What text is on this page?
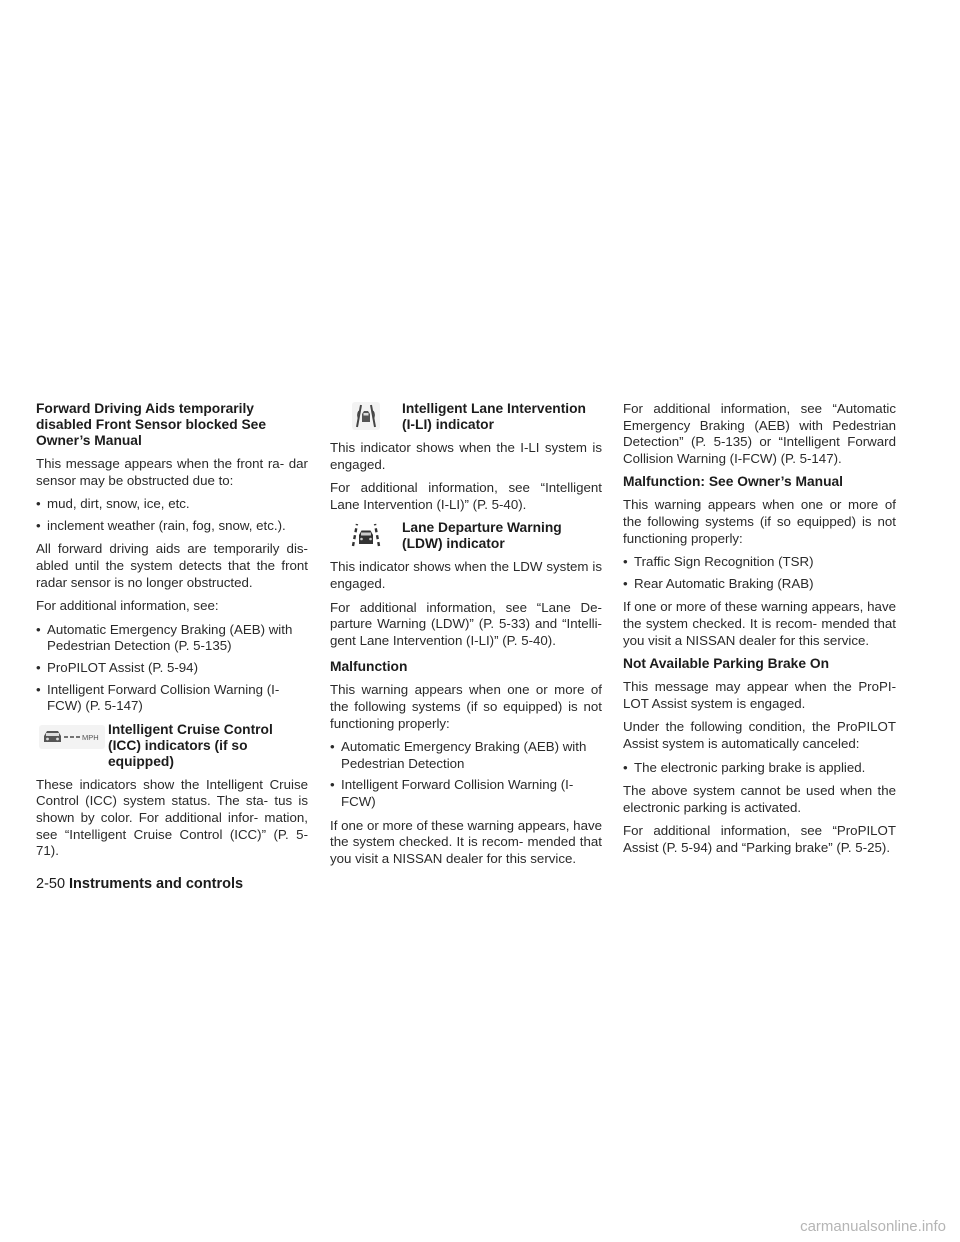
Forward Driving Aids temporarily disabled Front Sensor blocked See Owner’s Manual

This message appears when the front ra- dar sensor may be obstructed due to:

• mud, dirt, snow, ice, etc.
• inclement weather (rain, fog, snow, etc.).

All forward driving aids are temporarily dis- abled until the system detects that the front radar sensor is no longer obstructed.

For additional information, see:

• Automatic Emergency Braking (AEB) with Pedestrian Detection (P. 5-135)
• ProPILOT Assist (P. 5-94)
• Intelligent Forward Collision Warning (I- FCW) (P. 5-147)
MPH
Intelligent Cruise Control (ICC) indicators (if so equipped)

These indicators show the Intelligent Cruise Control (ICC) system status. The sta- tus is shown by color. For additional infor- mation, see “Intelligent Cruise Control (ICC)” (P. 5-71).

Intelligent Lane Intervention (I-LI) indicator

This indicator shows when the I-LI system is engaged.

For additional information, see “Intelligent Lane Intervention (I-LI)” (P. 5-40).

Lane Departure Warning (LDW) indicator

This indicator shows when the LDW system is engaged.

For additional information, see “Lane De- parture Warning (LDW)” (P. 5-33) and “Intelli- gent Lane Intervention (I-LI)” (P. 5-40).

Malfunction

This warning appears when one or more of the following systems (if so equipped) is not functioning properly:

• Automatic Emergency Braking (AEB) with Pedestrian Detection
• Intelligent Forward Collision Warning (I-FCW)

If one or more of these warning appears, have the system checked. It is recom- mended that you visit a NISSAN dealer for this service.

For additional information, see “Automatic Emergency Braking (AEB) with Pedestrian Detection” (P. 5-135) or “Intelligent Forward Collision Warning (I-FCW) (P. 5-147).

Malfunction: See Owner’s Manual

This warning appears when one or more of the following systems (if so equipped) is not functioning properly:

• Traffic Sign Recognition (TSR)
• Rear Automatic Braking (RAB)

If one or more of these warning appears, have the system checked. It is recom- mended that you visit a NISSAN dealer for this service.

Not Available Parking Brake On

This message may appear when the ProPI- LOT Assist system is engaged.

Under the following condition, the ProPILOT Assist system is automatically canceled:

• The electronic parking brake is applied.

The above system cannot be used when the electronic parking is activated.

For additional information, see “ProPILOT Assist (P. 5-94) and “Parking brake” (P. 5-25).

2-50 Instruments and controls
carmanualsonline.info
